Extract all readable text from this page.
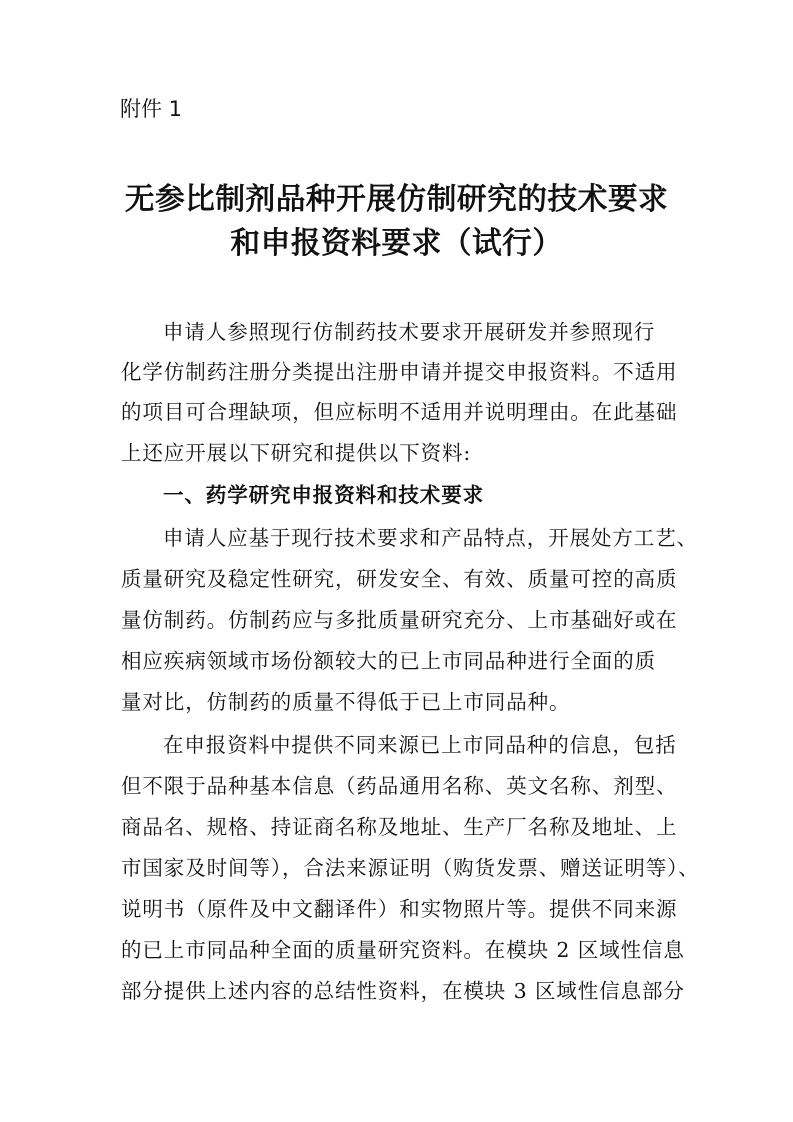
附件 1
无参比制剂品种开展仿制研究的技术要求
和申报资料要求（试行）
申请人参照现行仿制药技术要求开展研发并参照现行
化学仿制药注册分类提出注册申请并提交申报资料。不适用
的项目可合理缺项，但应标明不适用并说明理由。在此基础
上还应开展以下研究和提供以下资料:
一、药学研究申报资料和技术要求
申请人应基于现行技术要求和产品特点，开展处方工艺、
质量研究及稳定性研究，研发安全、有效、质量可控的高质
量仿制药。仿制药应与多批质量研究充分、上市基础好或在
相应疾病领域市场份额较大的已上市同品种进行全面的质
量对比，仿制药的质量不得低于已上市同品种。
在申报资料中提供不同来源已上市同品种的信息，包括
但不限于品种基本信息（药品通用名称、英文名称、剂型、
商品名、规格、持证商名称及地址、生产厂名称及地址、上
市国家及时间等），合法来源证明（购货发票、赠送证明等）、
说明书（原件及中文翻译件）和实物照片等。提供不同来源
的已上市同品种全面的质量研究资料。在模块 2 区域性信息
部分提供上述内容的总结性资料，在模块 3 区域性信息部分
